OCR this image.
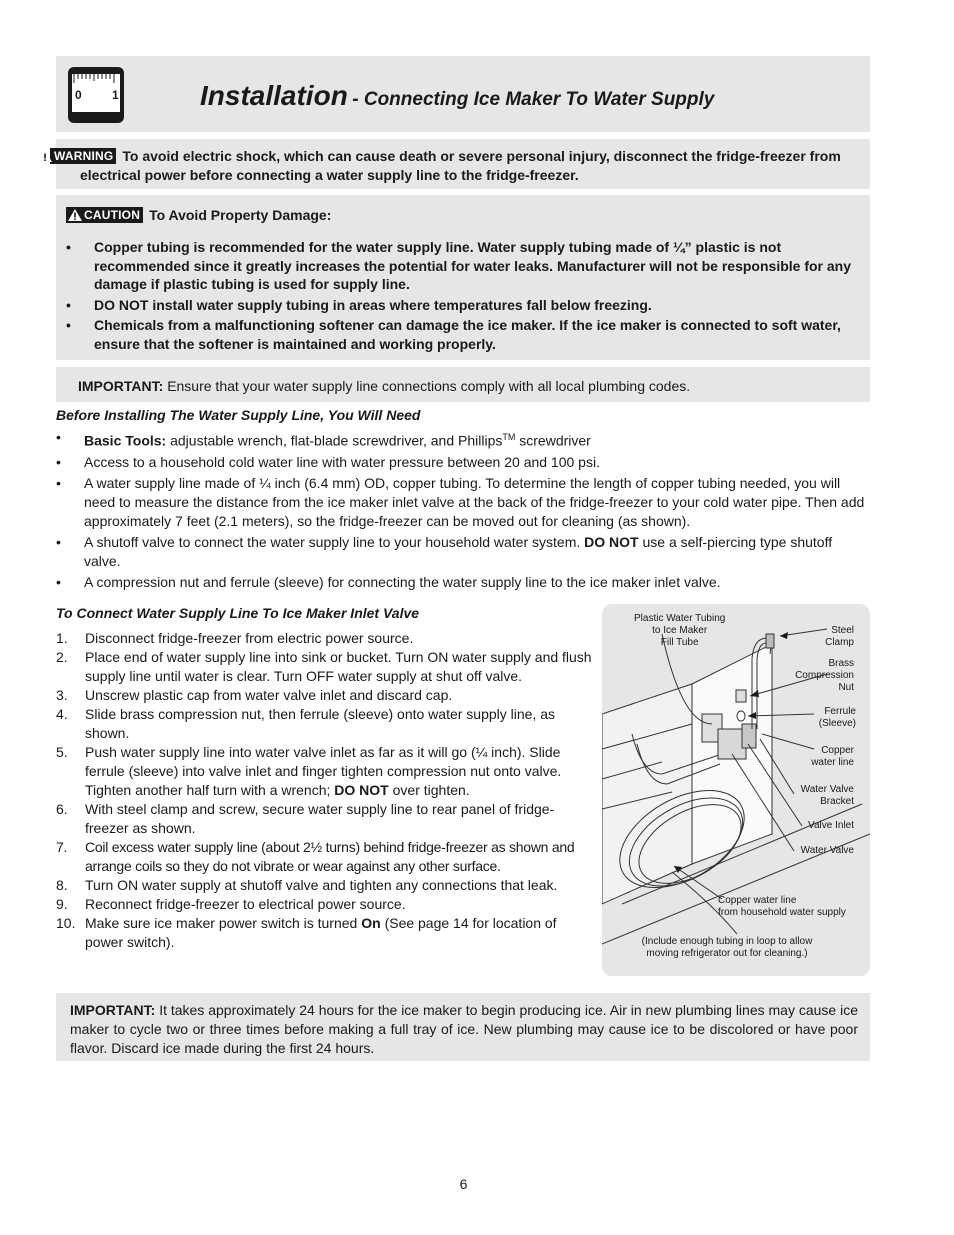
0	1	Installation - Connecting Ice Maker To Water Supply
WARNING To avoid electric shock, which can cause death or severe personal injury, disconnect the fridge-freezer from electrical power before connecting a water supply line to the fridge-freezer.
CAUTION To Avoid Property Damage:
• Copper tubing is recommended for the water supply line. Water supply tubing made of ¼” plastic is not recommended since it greatly increases the potential for water leaks. Manufacturer will not be responsible for any damage if plastic tubing is used for supply line.
• DO NOT install water supply tubing in areas where temperatures fall below freezing.
• Chemicals from a malfunctioning softener can damage the ice maker. If the ice maker is connected to soft water, ensure that the softener is maintained and working properly.
IMPORTANT: Ensure that your water supply line connections comply with all local plumbing codes.
Before Installing The Water Supply Line, You Will Need
• Basic Tools: adjustable wrench, flat-blade screwdriver, and Phillips™ screwdriver
• Access to a household cold water line with water pressure between 20 and 100 psi.
• A water supply line made of ¼ inch (6.4 mm) OD, copper tubing. To determine the length of copper tubing needed, you will need to measure the distance from the ice maker inlet valve at the back of the fridge-freezer to your cold water pipe. Then add approximately 7 feet (2.1 meters), so the fridge-freezer can be moved out for cleaning (as shown).
• A shutoff valve to connect the water supply line to your household water system. DO NOT use a self-piercing type shutoff valve.
• A compression nut and ferrule (sleeve) for connecting the water supply line to the ice maker inlet valve.
To Connect Water Supply Line To Ice Maker Inlet Valve
1. Disconnect fridge-freezer from electric power source.
2. Place end of water supply line into sink or bucket. Turn ON water supply and flush supply line until water is clear. Turn OFF water supply at shut off valve.
3. Unscrew plastic cap from water valve inlet and discard cap.
4. Slide brass compression nut, then ferrule (sleeve) onto water supply line, as shown.
5. Push water supply line into water valve inlet as far as it will go (¼ inch). Slide ferrule (sleeve) into valve inlet and finger tighten compression nut onto valve. Tighten another half turn with a wrench; DO NOT over tighten.
6. With steel clamp and screw, secure water supply line to rear panel of fridge-freezer as shown.
7. Coil excess water supply line (about 2½ turns) behind fridge-freezer as shown and arrange coils so they do not vibrate or wear against any other surface.
8. Turn ON water supply at shutoff valve and tighten any connections that leak.
9. Reconnect fridge-freezer to electrical power source.
10. Make sure ice maker power switch is turned On (See page 14 for location of power switch).
Plastic Water Tubing
to Ice Maker
Fill Tube
Steel
Clamp
Brass
Compression
Nut
Ferrule
(Sleeve)
Copper
water line
Water Valve
Bracket
Valve Inlet
Water Valve
Copper water line
from household water supply
(Include enough tubing in loop to allow
moving refrigerator out for cleaning.)
IMPORTANT: It takes approximately 24 hours for the ice maker to begin producing ice. Air in new plumbing lines may cause ice maker to cycle two or three times before making a full tray of ice. New plumbing may cause ice to be discolored or have poor flavor. Discard ice made during the first 24 hours.
6
